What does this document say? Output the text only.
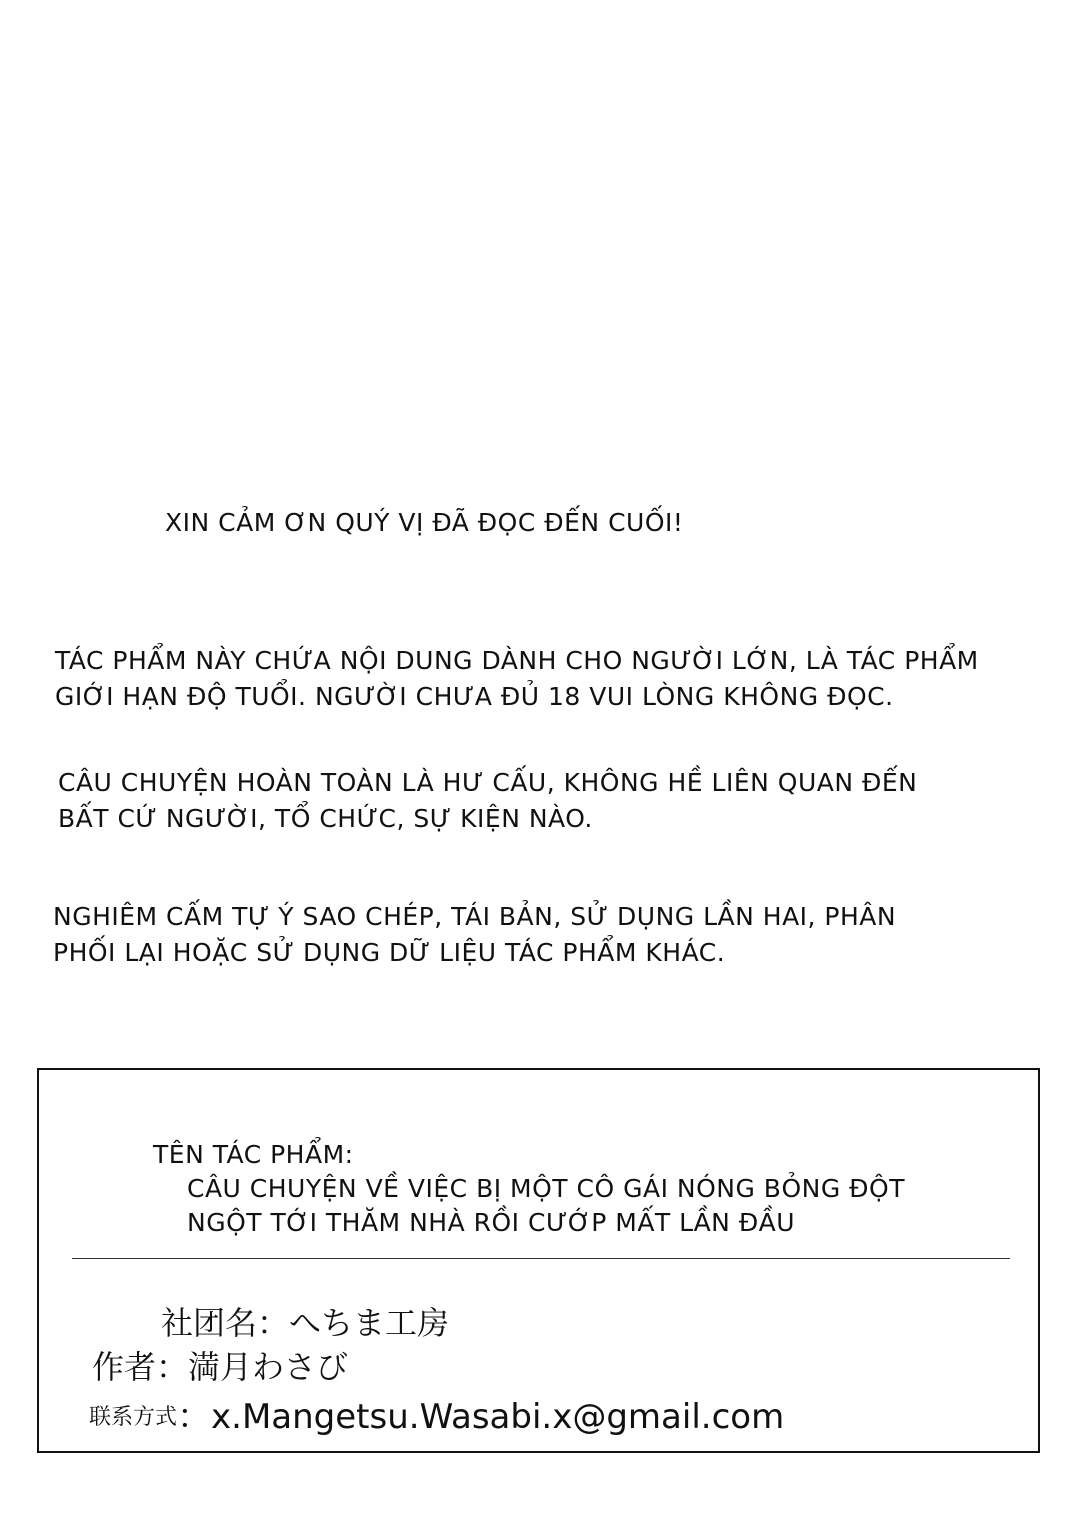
XIN CẢM ƠN QUÝ VỊ ĐÃ ĐỌC ĐẾN CUỐI!

TÁC PHẨM NÀY CHỨA NỘI DUNG DÀNH CHO NGƯỜI LỚN, LÀ TÁC PHẨM
GIỚI HẠN ĐỘ TUỔI. NGƯỜI CHƯA ĐỦ 18 VUI LÒNG KHÔNG ĐỌC.
CÂU CHUYỆN HOÀN TOÀN LÀ HƯ CẤU, KHÔNG HỀ LIÊN QUAN ĐẾN
BẤT CỨ NGƯỜI, TỔ CHỨC, SỰ KIỆN NÀO.
NGHIÊM CẤM TỰ Ý SAO CHÉP, TÁI BẢN, SỬ DỤNG LẦN HAI, PHÂN
PHỐI LẠI HOẶC SỬ DỤNG DỮ LIỆU TÁC PHẨM KHÁC.
TÊN TÁC PHẨM:
CÂU CHUYỆN VỀ VIỆC BỊ MỘT CÔ GÁI NÓNG BỎNG ĐỘT
NGỘT TỚI THĂM NHÀ RỒI CƯỚP MẤT LẦN ĐẦU
社团名：へちま工房
作者：満月わさび
联系方式：x.Mangetsu.Wasabi.x@gmail.com
